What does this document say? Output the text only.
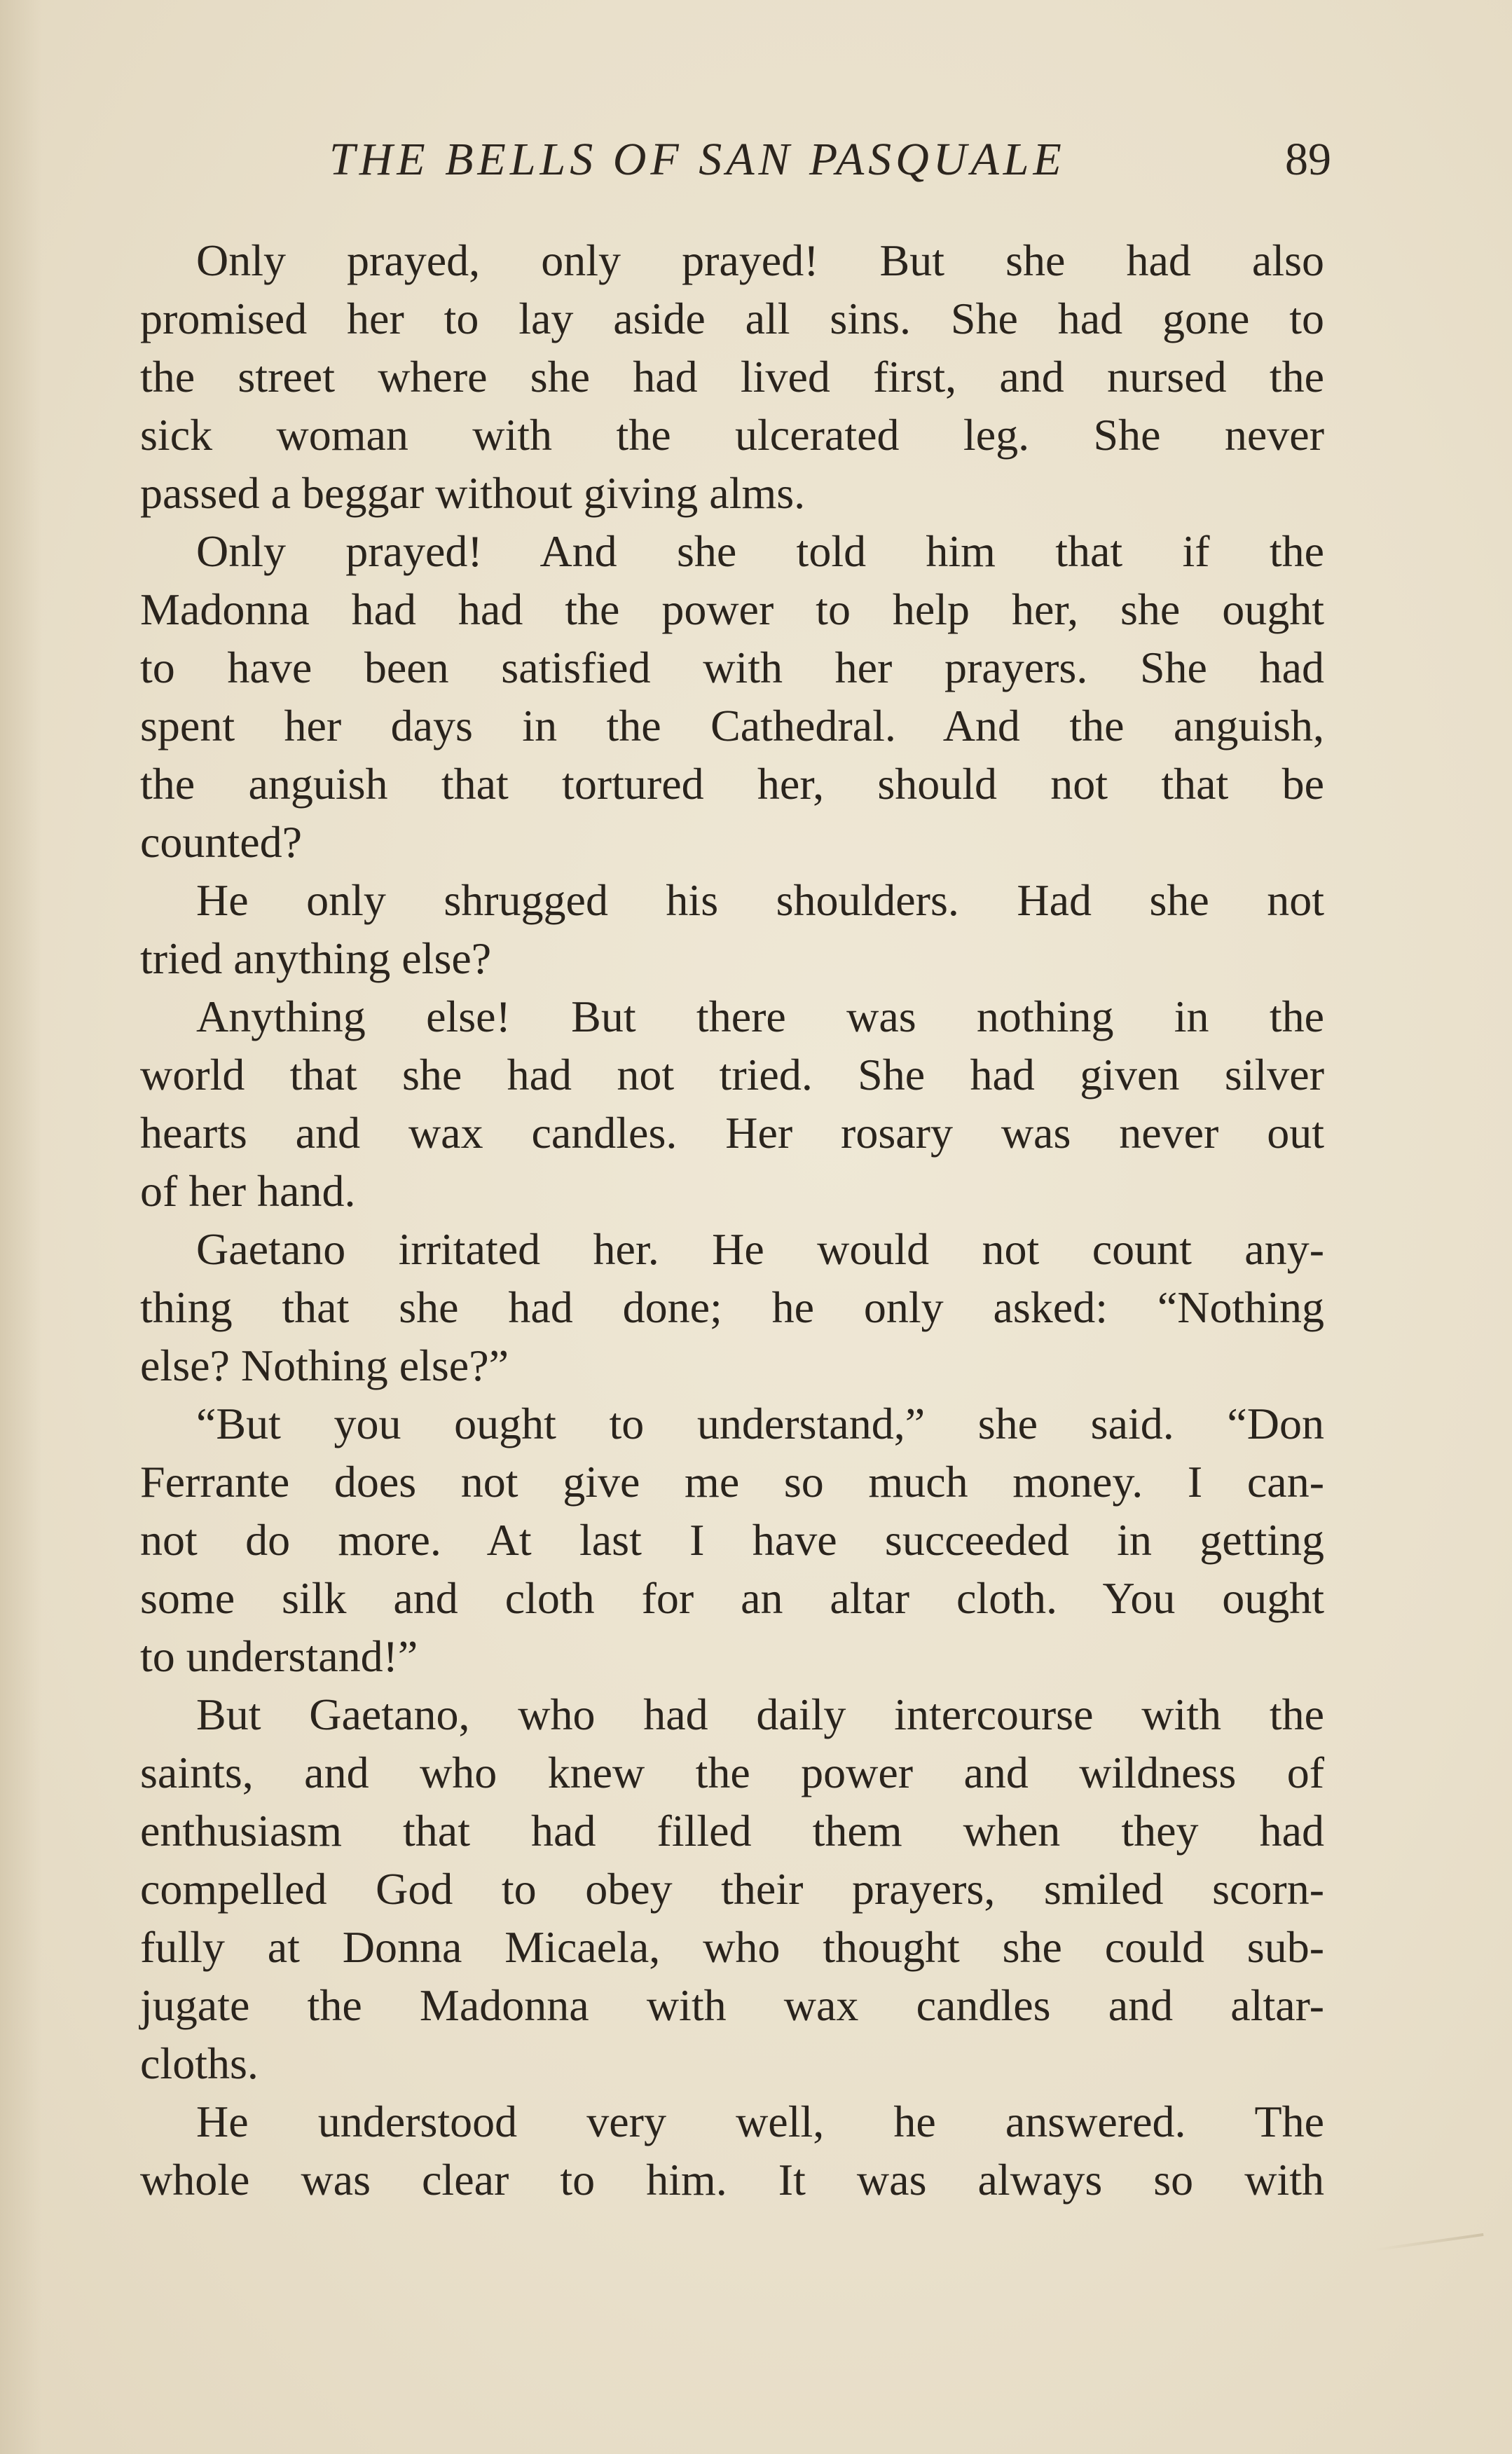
THE BELLS OF SAN PASQUALE	89
Only prayed, only prayed! But she had also
promised her to lay aside all sins. She had gone to
the street where she had lived first, and nursed the
sick woman with the ulcerated leg. She never
passed a beggar without giving alms.
Only prayed! And she told him that if the
Madonna had had the power to help her, she ought
to have been satisfied with her prayers. She had
spent her days in the Cathedral. And the anguish,
the anguish that tortured her, should not that be
counted?
He only shrugged his shoulders. Had she not
tried anything else?
Anything else! But there was nothing in the
world that she had not tried. She had given silver
hearts and wax candles. Her rosary was never out
of her hand.
Gaetano irritated her. He would not count any-
thing that she had done; he only asked: “Nothing
else? Nothing else?”
“But you ought to understand,” she said. “Don
Ferrante does not give me so much money. I can-
not do more. At last I have succeeded in getting
some silk and cloth for an altar cloth. You ought
to understand!”
But Gaetano, who had daily intercourse with the
saints, and who knew the power and wildness of
enthusiasm that had filled them when they had
compelled God to obey their prayers, smiled scorn-
fully at Donna Micaela, who thought she could sub-
jugate the Madonna with wax candles and altar-
cloths.
He understood very well, he answered. The
whole was clear to him. It was always so with
